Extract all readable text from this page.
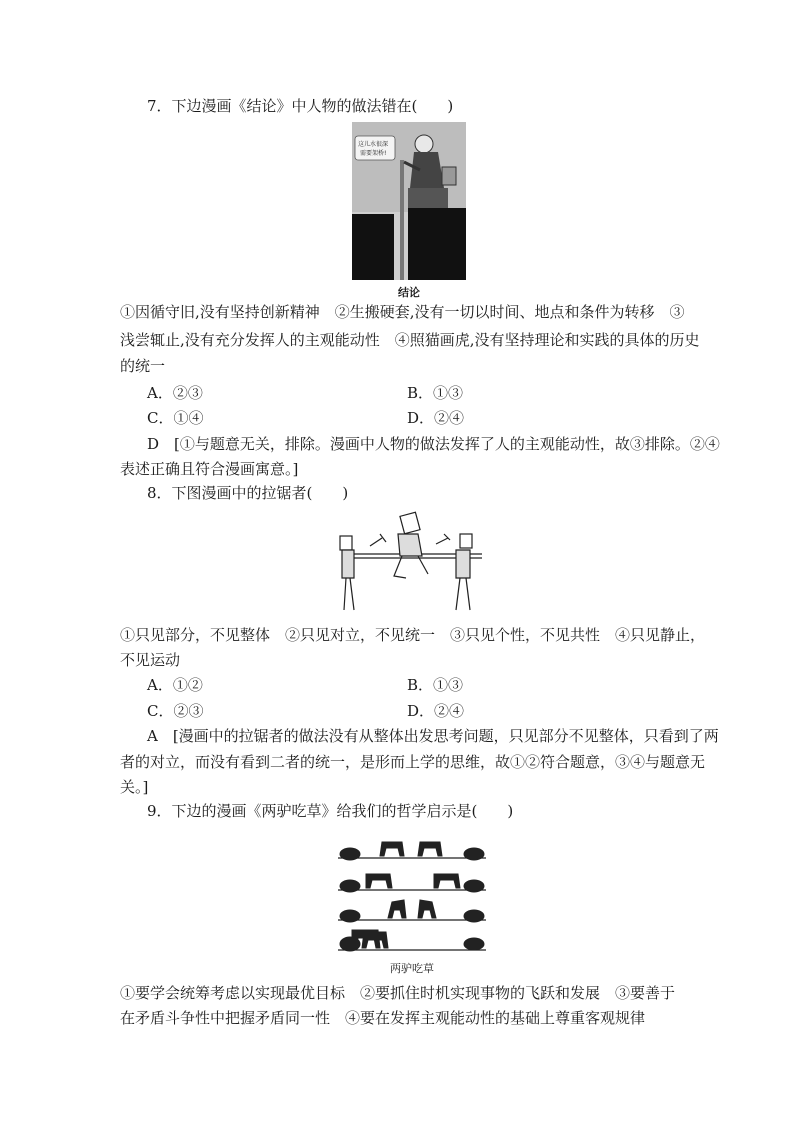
7．下边漫画《结论》中人物的做法错在(　　)
这儿水很深
需要架桥!
结论
①因循守旧,没有坚持创新精神　②生搬硬套,没有一切以时间、地点和条件为转移　③
浅尝辄止,没有充分发挥人的主观能动性　④照猫画虎,没有坚持理论和实践的具体的历史
的统一
A．②③	B．①③
C．①④	D．②④
D　[①与题意无关，排除。漫画中人物的做法发挥了人的主观能动性，故③排除。②④
表述正确且符合漫画寓意。]
8．下图漫画中的拉锯者(　　)
①只见部分，不见整体　②只见对立，不见统一　③只见个性，不见共性　④只见静止，
不见运动
A．①②	B．①③
C．②③	D．②④
A　[漫画中的拉锯者的做法没有从整体出发思考问题，只见部分不见整体，只看到了两
者的对立，而没有看到二者的统一，是形而上学的思维，故①②符合题意，③④与题意无
关。]
9．下边的漫画《两驴吃草》给我们的哲学启示是(　　)
两驴吃草
①要学会统筹考虑以实现最优目标　②要抓住时机实现事物的飞跃和发展　③要善于
在矛盾斗争性中把握矛盾同一性　④要在发挥主观能动性的基础上尊重客观规律
